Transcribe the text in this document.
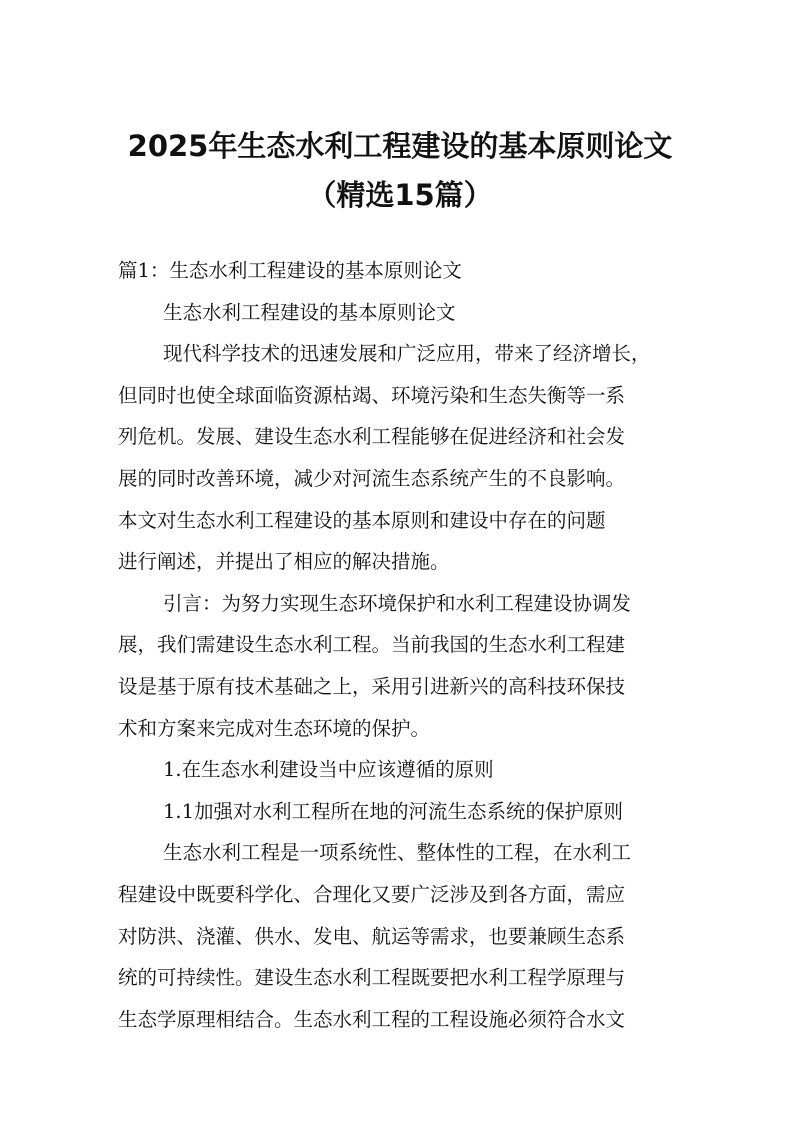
2025年生态水利工程建设的基本原则论文
（精选15篇）
篇1：生态水利工程建设的基本原则论文
生态水利工程建设的基本原则论文
现代科学技术的迅速发展和广泛应用，带来了经济增长，
但同时也使全球面临资源枯竭、环境污染和生态失衡等一系
列危机。发展、建设生态水利工程能够在促进经济和社会发
展的同时改善环境，减少对河流生态系统产生的不良影响。
本文对生态水利工程建设的基本原则和建设中存在的问题
进行阐述，并提出了相应的解决措施。
引言：为努力实现生态环境保护和水利工程建设协调发
展，我们需建设生态水利工程。当前我国的生态水利工程建
设是基于原有技术基础之上，采用引进新兴的高科技环保技
术和方案来完成对生态环境的保护。
1.在生态水利建设当中应该遵循的原则
1.1加强对水利工程所在地的河流生态系统的保护原则
生态水利工程是一项系统性、整体性的工程，在水利工
程建设中既要科学化、合理化又要广泛涉及到各方面，需应
对防洪、浇灌、供水、发电、航运等需求，也要兼顾生态系
统的可持续性。建设生态水利工程既要把水利工程学原理与
生态学原理相结合。生态水利工程的工程设施必须符合水文
